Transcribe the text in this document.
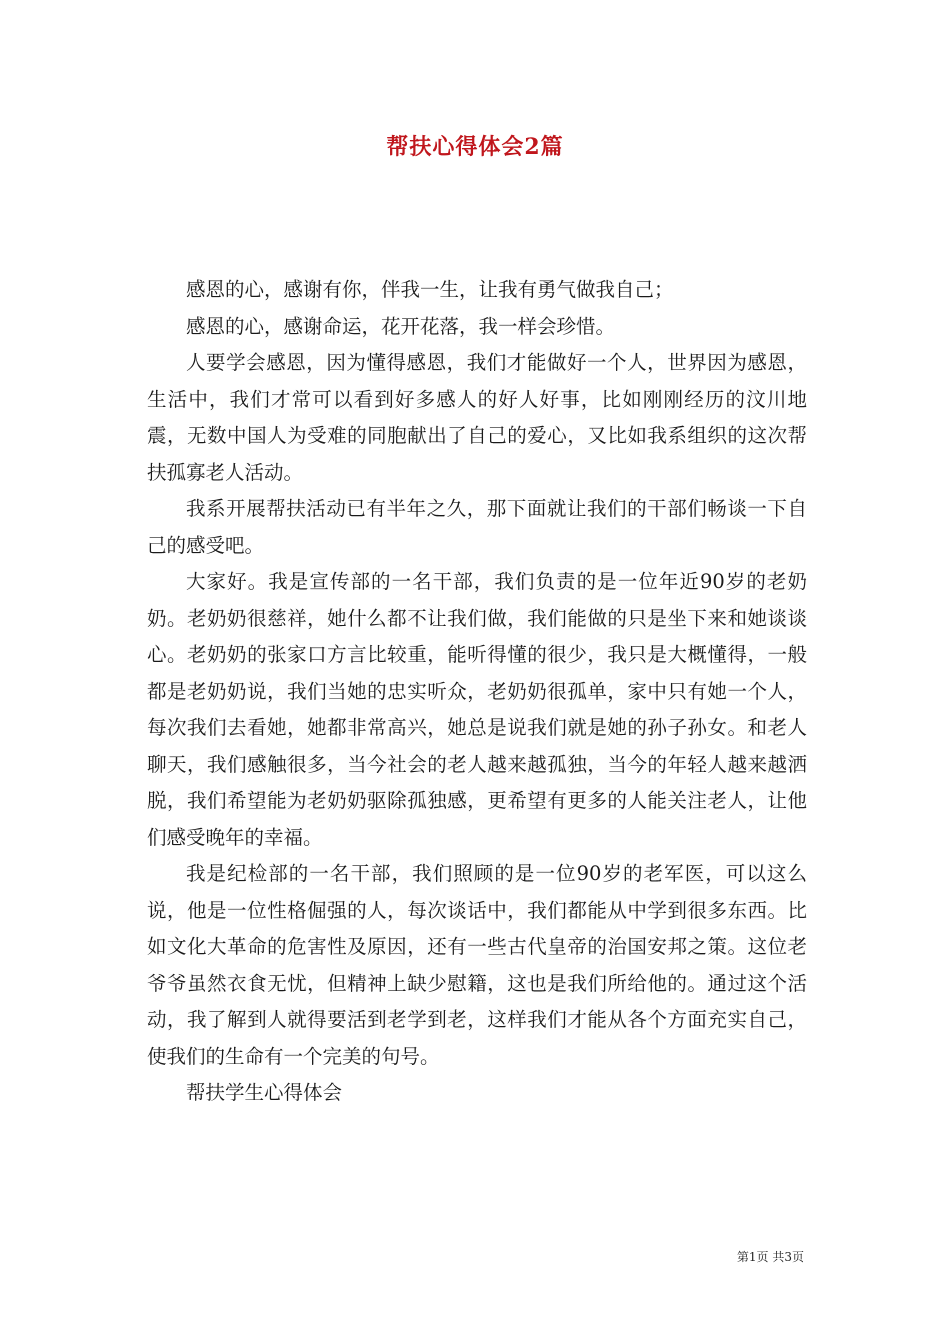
帮扶心得体会2篇

感恩的心，感谢有你，伴我一生，让我有勇气做我自己；

感恩的心，感谢命运，花开花落，我一样会珍惜。

人要学会感恩，因为懂得感恩，我们才能做好一个人，世界因为感恩，生活中，我们才常可以看到好多感人的好人好事，比如刚刚经历的汶川地震，无数中国人为受难的同胞献出了自己的爱心，又比如我系组织的这次帮扶孤寡老人活动。

我系开展帮扶活动已有半年之久，那下面就让我们的干部们畅谈一下自己的感受吧。

大家好。我是宣传部的一名干部，我们负责的是一位年近90岁的老奶奶。老奶奶很慈祥，她什么都不让我们做，我们能做的只是坐下来和她谈谈心。老奶奶的张家口方言比较重，能听得懂的很少，我只是大概懂得，一般都是老奶奶说，我们当她的忠实听众，老奶奶很孤单，家中只有她一个人，每次我们去看她，她都非常高兴，她总是说我们就是她的孙子孙女。和老人聊天，我们感触很多，当今社会的老人越来越孤独，当今的年轻人越来越洒脱，我们希望能为老奶奶驱除孤独感，更希望有更多的人能关注老人，让他们感受晚年的幸福。

我是纪检部的一名干部，我们照顾的是一位90岁的老军医，可以这么说，他是一位性格倔强的人，每次谈话中，我们都能从中学到很多东西。比如文化大革命的危害性及原因，还有一些古代皇帝的治国安邦之策。这位老爷爷虽然衣食无忧，但精神上缺少慰籍，这也是我们所给他的。通过这个活动，我了解到人就得要活到老学到老，这样我们才能从各个方面充实自己，使我们的生命有一个完美的句号。

帮扶学生心得体会

第1页 共3页
